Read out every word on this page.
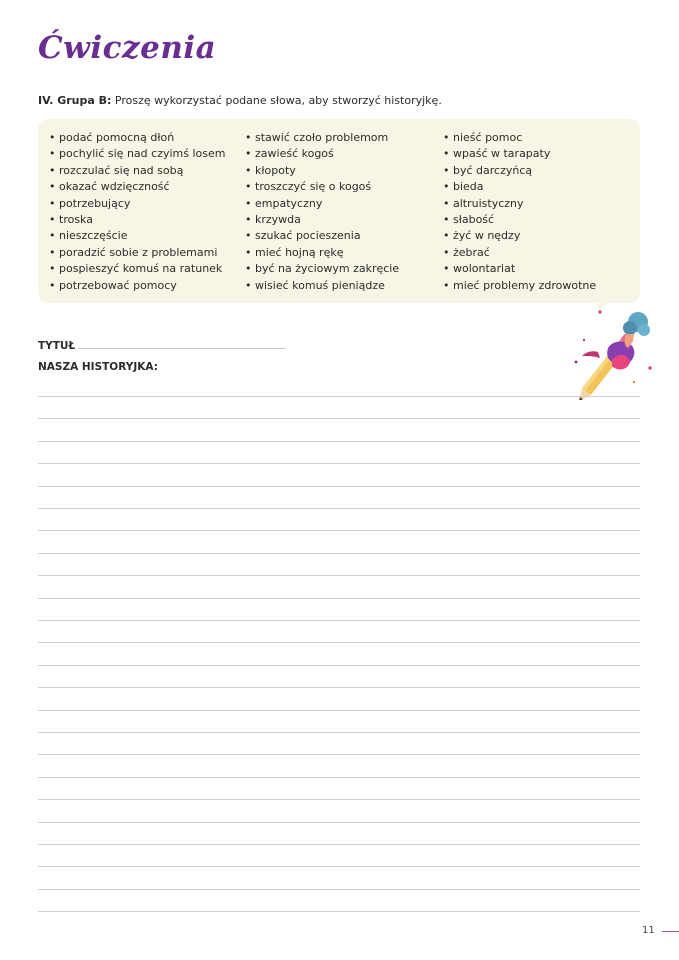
Ćwiczenia
IV. Grupa B: Proszę wykorzystać podane słowa, aby stworzyć historyjkę.
• podać pomocną dłoń
• pochylić się nad czyimś losem
• rozczulać się nad sobą
• okazać wdzięczność
• potrzebujący
• troska
• nieszczęście
• poradzić sobie z problemami
• pospieszyć komuś na ratunek
• potrzebować pomocy
• stawić czoło problemom
• zawieść kogoś
• kłopoty
• troszczyć się o kogoś
• empatyczny
• krzywda
• szukać pocieszenia
• mieć hojną rękę
• być na życiowym zakręcie
• wisieć komuś pieniądze
• nieść pomoc
• wpaść w tarapaty
• być darczyńcą
• bieda
• altruistyczny
• słabość
• żyć w nędzy
• żebrać
• wolontariat
• mieć problemy zdrowotne
TYTUŁ
NASZA HISTORYJKA:
11
